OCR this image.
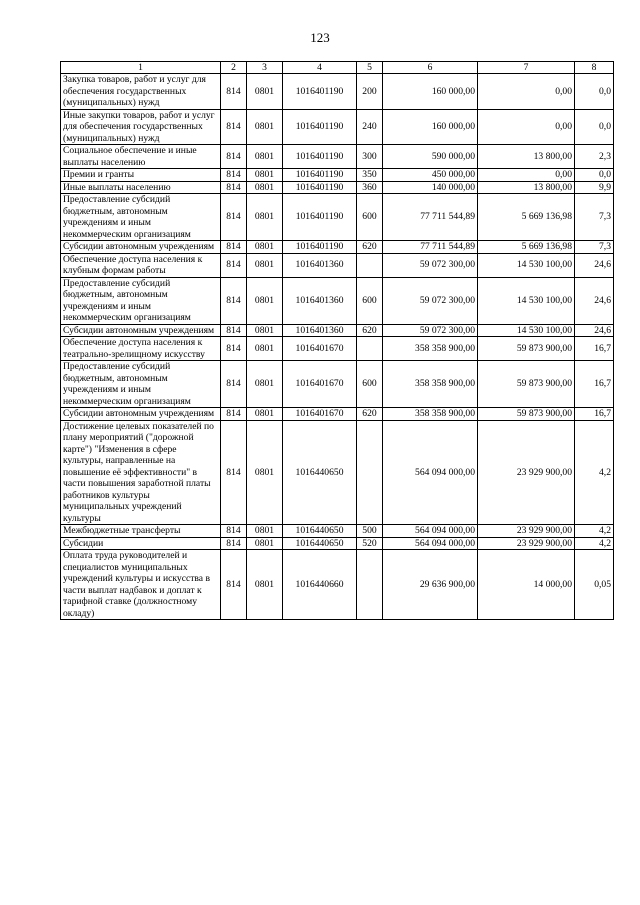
123
1	2	3	4	5	6	7	8
Закупка товаров, работ и услуг для обеспечения государственных (муниципальных) нужд	814	0801	1016401190	200	160 000,00	0,00	0,0
Иные закупки товаров, работ и услуг для обеспечения государственных (муниципальных) нужд	814	0801	1016401190	240	160 000,00	0,00	0,0
Социальное обеспечение и иные выплаты населению	814	0801	1016401190	300	590 000,00	13 800,00	2,3
Премии и гранты	814	0801	1016401190	350	450 000,00	0,00	0,0
Иные выплаты населению	814	0801	1016401190	360	140 000,00	13 800,00	9,9
Предоставление субсидий бюджетным, автономным учреждениям и иным некоммерческим организациям	814	0801	1016401190	600	77 711 544,89	5 669 136,98	7,3
Субсидии автономным учреждениям	814	0801	1016401190	620	77 711 544,89	5 669 136,98	7,3
Обеспечение доступа населения к клубным формам работы	814	0801	1016401360		59 072 300,00	14 530 100,00	24,6
Предоставление субсидий бюджетным, автономным учреждениям и иным некоммерческим организациям	814	0801	1016401360	600	59 072 300,00	14 530 100,00	24,6
Субсидии автономным учреждениям	814	0801	1016401360	620	59 072 300,00	14 530 100,00	24,6
Обеспечение доступа населения к театрально-зрелищному искусству	814	0801	1016401670		358 358 900,00	59 873 900,00	16,7
Предоставление субсидий бюджетным, автономным учреждениям и иным некоммерческим организациям	814	0801	1016401670	600	358 358 900,00	59 873 900,00	16,7
Субсидии автономным учреждениям	814	0801	1016401670	620	358 358 900,00	59 873 900,00	16,7
Достижение целевых показателей по плану мероприятий ("дорожной карте") "Изменения в сфере культуры, направленные на повышение её эффективности" в части повышения заработной платы работников культуры муниципальных учреждений культуры	814	0801	1016440650		564 094 000,00	23 929 900,00	4,2
Межбюджетные трансферты	814	0801	1016440650	500	564 094 000,00	23 929 900,00	4,2
Субсидии	814	0801	1016440650	520	564 094 000,00	23 929 900,00	4,2
Оплата труда руководителей и специалистов муниципальных учреждений культуры и искусства в части выплат надбавок и доплат к тарифной ставке (должностному окладу)	814	0801	1016440660		29 636 900,00	14 000,00	0,05
